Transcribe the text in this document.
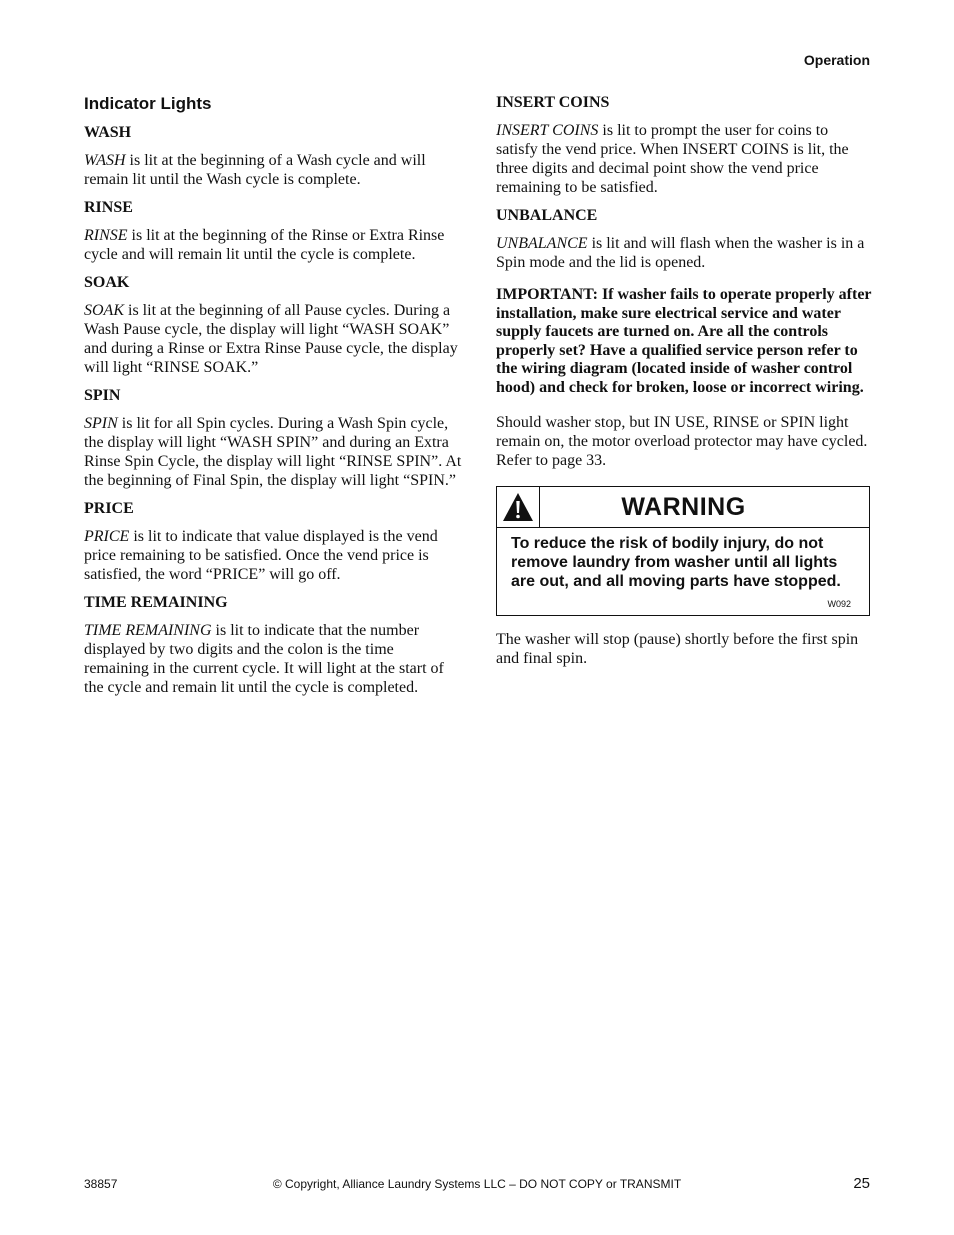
Operation
Indicator Lights
WASH

WASH is lit at the beginning of a Wash cycle and will remain lit until the Wash cycle is complete.

RINSE

RINSE is lit at the beginning of the Rinse or Extra Rinse cycle and will remain lit until the cycle is complete.

SOAK

SOAK is lit at the beginning of all Pause cycles. During a Wash Pause cycle, the display will light “WASH SOAK” and during a Rinse or Extra Rinse Pause cycle, the display will light “RINSE SOAK.”

SPIN

SPIN is lit for all Spin cycles. During a Wash Spin cycle, the display will light “WASH SPIN” and during an Extra Rinse Spin Cycle, the display will light “RINSE SPIN”. At the beginning of Final Spin, the display will light “SPIN.”

PRICE

PRICE is lit to indicate that value displayed is the vend price remaining to be satisfied. Once the vend price is satisfied, the word “PRICE” will go off.

TIME REMAINING

TIME REMAINING is lit to indicate that the number displayed by two digits and the colon is the time remaining in the current cycle. It will light at the start of the cycle and remain lit until the cycle is completed.

INSERT COINS

INSERT COINS is lit to prompt the user for coins to satisfy the vend price. When INSERT COINS is lit, the three digits and decimal point show the vend price remaining to be satisfied.

UNBALANCE

UNBALANCE is lit and will flash when the washer is in a Spin mode and the lid is opened.

IMPORTANT: If washer fails to operate properly after installation, make sure electrical service and water supply faucets are turned on. Are all the controls properly set? Have a qualified service person refer to the wiring diagram (located inside of washer control hood) and check for broken, loose or incorrect wiring.

Should washer stop, but IN USE, RINSE or SPIN light remain on, the motor overload protector may have cycled. Refer to page 33.

WARNING

To reduce the risk of bodily injury, do not remove laundry from washer until all lights are out, and all moving parts have stopped.

W092

The washer will stop (pause) shortly before the first spin and final spin.

38857	© Copyright, Alliance Laundry Systems LLC – DO NOT COPY or TRANSMIT	25
